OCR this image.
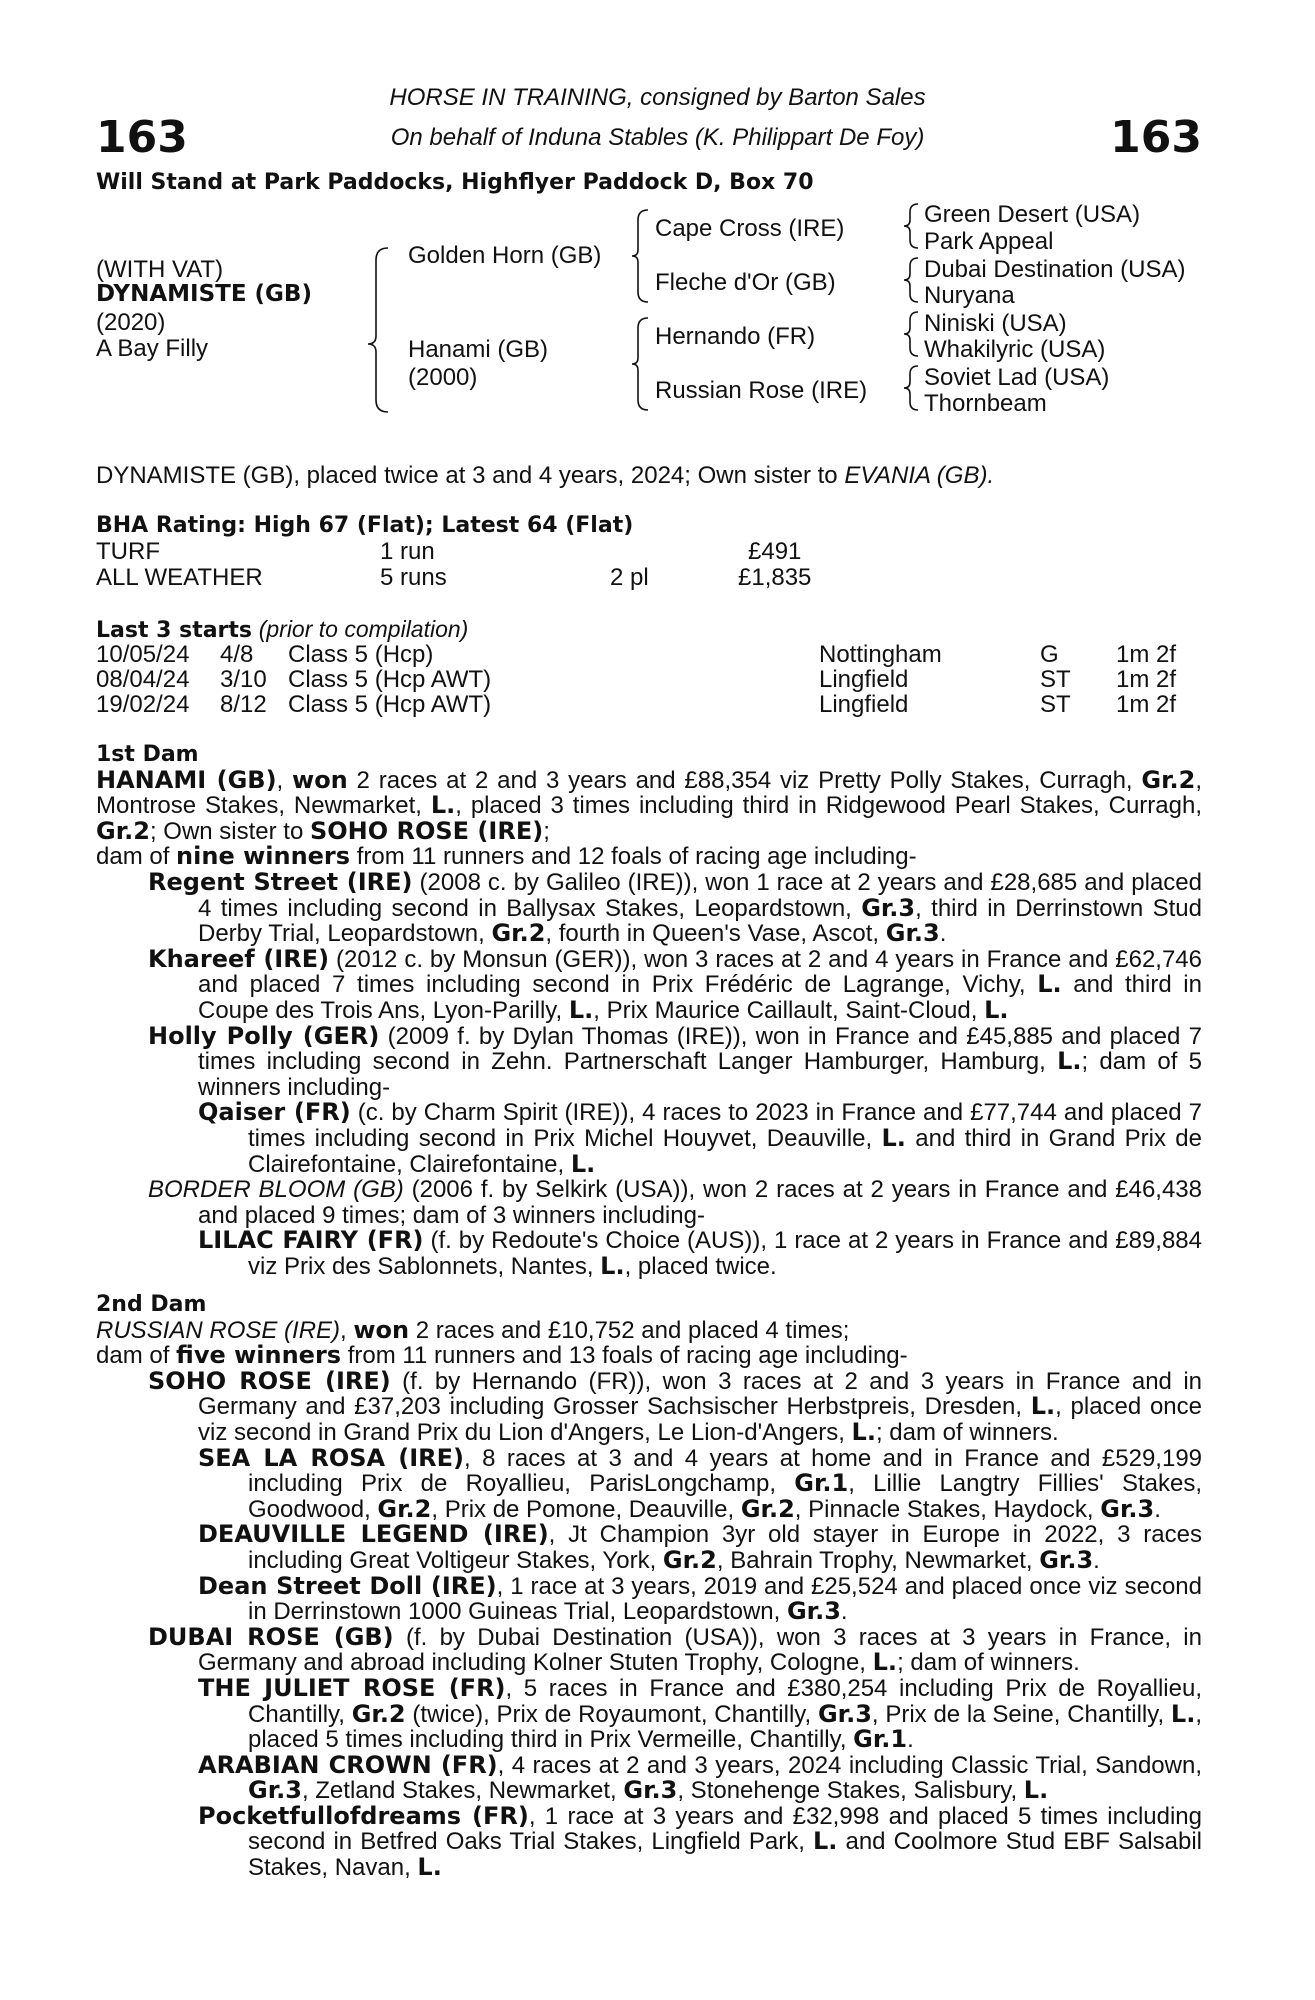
163	163
HORSE IN TRAINING, consigned by Barton Sales
On behalf of Induna Stables (K. Philippart De Foy)
Will Stand at Park Paddocks, Highflyer Paddock D, Box 70
(WITH VAT)
DYNAMISTE (GB)
(2020)
A Bay Filly
Golden Horn (GB)
Hanami (GB)
(2000)
Cape Cross (IRE)
Fleche d'Or (GB)
Hernando (FR)
Russian Rose (IRE)
Green Desert (USA)
Park Appeal
Dubai Destination (USA)
Nuryana
Niniski (USA)
Whakilyric (USA)
Soviet Lad (USA)
Thornbeam
DYNAMISTE (GB), placed twice at 3 and 4 years, 2024; Own sister to EVANIA (GB).
BHA Rating: High 67 (Flat); Latest 64 (Flat)
TURF	1 run	£491
ALL WEATHER	5 runs	2 pl	£1,835
Last 3 starts (prior to compilation)
10/05/24 4/8 Class 5 (Hcp)	Nottingham	G 1m 2f
08/04/24 3/10 Class 5 (Hcp AWT)	Lingfield	ST 1m 2f
19/02/24 8/12 Class 5 (Hcp AWT)	Lingfield	ST 1m 2f

1st Dam

HANAMI (GB), won 2 races at 2 and 3 years and £88,354 viz Pretty Polly Stakes, Curragh, Gr.2, Montrose Stakes, Newmarket, L., placed 3 times including third in Ridgewood Pearl Stakes, Curragh, Gr.2; Own sister to SOHO ROSE (IRE);

dam of nine winners from 11 runners and 12 foals of racing age including-

Regent Street (IRE) (2008 c. by Galileo (IRE)), won 1 race at 2 years and £28,685 and placed 4 times including second in Ballysax Stakes, Leopardstown, Gr.3, third in Derrinstown Stud Derby Trial, Leopardstown, Gr.2, fourth in Queen's Vase, Ascot, Gr.3.

Khareef (IRE) (2012 c. by Monsun (GER)), won 3 races at 2 and 4 years in France and £62,746 and placed 7 times including second in Prix Frédéric de Lagrange, Vichy, L. and third in Coupe des Trois Ans, Lyon-Parilly, L., Prix Maurice Caillault, Saint-Cloud, L.

Holly Polly (GER) (2009 f. by Dylan Thomas (IRE)), won in France and £45,885 and placed 7 times including second in Zehn. Partnerschaft Langer Hamburger, Hamburg, L.; dam of 5 winners including-

Qaiser (FR) (c. by Charm Spirit (IRE)), 4 races to 2023 in France and £77,744 and placed 7 times including second in Prix Michel Houyvet, Deauville, L. and third in Grand Prix de Clairefontaine, Clairefontaine, L.

BORDER BLOOM (GB) (2006 f. by Selkirk (USA)), won 2 races at 2 years in France and £46,438 and placed 9 times; dam of 3 winners including-

LILAC FAIRY (FR) (f. by Redoute's Choice (AUS)), 1 race at 2 years in France and £89,884 viz Prix des Sablonnets, Nantes, L., placed twice.

2nd Dam

RUSSIAN ROSE (IRE), won 2 races and £10,752 and placed 4 times;

dam of five winners from 11 runners and 13 foals of racing age including-

SOHO ROSE (IRE) (f. by Hernando (FR)), won 3 races at 2 and 3 years in France and in Germany and £37,203 including Grosser Sachsischer Herbstpreis, Dresden, L., placed once viz second in Grand Prix du Lion d'Angers, Le Lion-d'Angers, L.; dam of winners.

SEA LA ROSA (IRE), 8 races at 3 and 4 years at home and in France and £529,199 including Prix de Royallieu, ParisLongchamp, Gr.1, Lillie Langtry Fillies' Stakes, Goodwood, Gr.2, Prix de Pomone, Deauville, Gr.2, Pinnacle Stakes, Haydock, Gr.3.

DEAUVILLE LEGEND (IRE), Jt Champion 3yr old stayer in Europe in 2022, 3 races including Great Voltigeur Stakes, York, Gr.2, Bahrain Trophy, Newmarket, Gr.3.

Dean Street Doll (IRE), 1 race at 3 years, 2019 and £25,524 and placed once viz second in Derrinstown 1000 Guineas Trial, Leopardstown, Gr.3.

DUBAI ROSE (GB) (f. by Dubai Destination (USA)), won 3 races at 3 years in France, in Germany and abroad including Kolner Stuten Trophy, Cologne, L.; dam of winners.

THE JULIET ROSE (FR), 5 races in France and £380,254 including Prix de Royallieu, Chantilly, Gr.2 (twice), Prix de Royaumont, Chantilly, Gr.3, Prix de la Seine, Chantilly, L., placed 5 times including third in Prix Vermeille, Chantilly, Gr.1.

ARABIAN CROWN (FR), 4 races at 2 and 3 years, 2024 including Classic Trial, Sandown, Gr.3, Zetland Stakes, Newmarket, Gr.3, Stonehenge Stakes, Salisbury, L.

Pocketfullofdreams (FR), 1 race at 3 years and £32,998 and placed 5 times including second in Betfred Oaks Trial Stakes, Lingfield Park, L. and Coolmore Stud EBF Salsabil Stakes, Navan, L.
